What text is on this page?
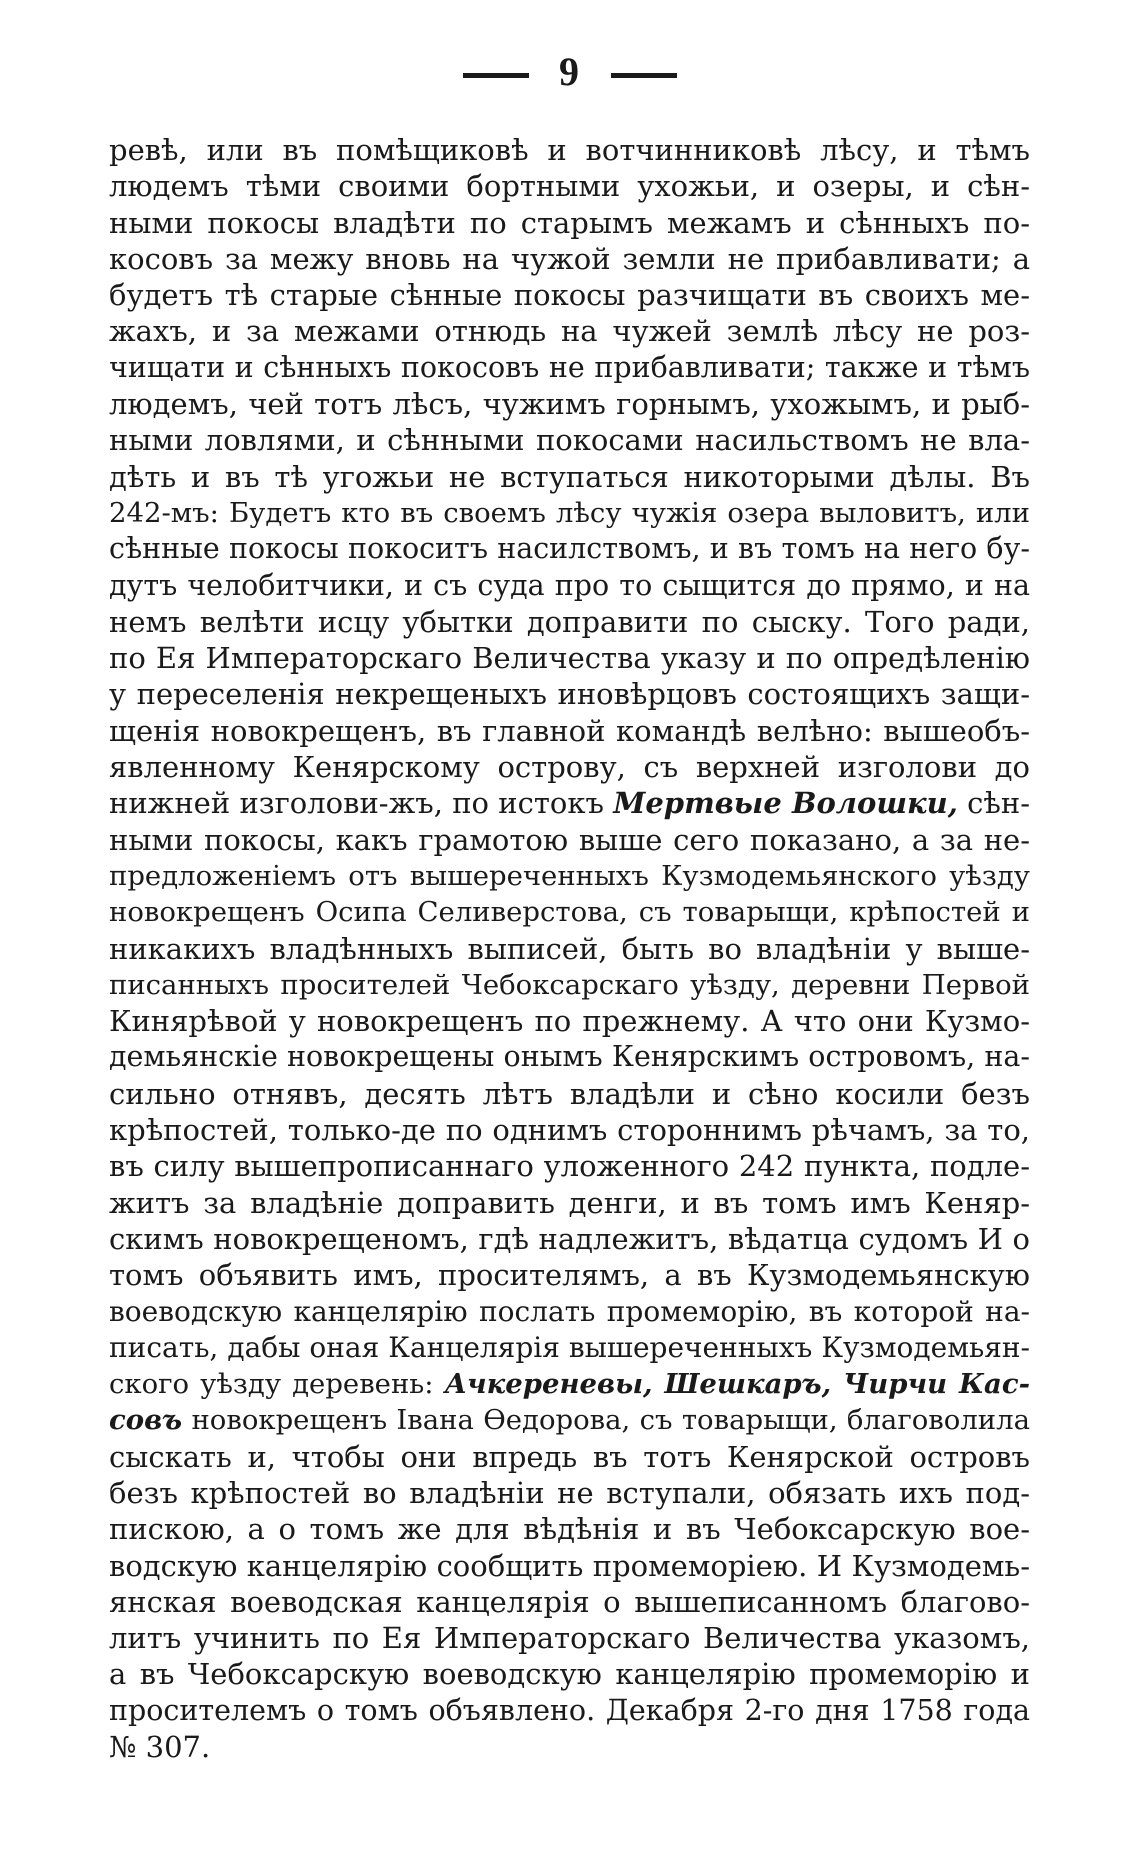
9
ревѣ, или въ помѣщиковѣ и вотчинниковѣ лѣсу, и тѣмъ
людемъ тѣми своими бортными ухожьи, и озеры, и сѣн-
ными покосы владѣти по старымъ межамъ и сѣнныхъ по-
косовъ за межу вновь на чужой земли не прибавливати; а
будетъ тѣ старые сѣнные покосы разчищати въ своихъ ме-
жахъ, и за межами отнюдь на чужей землѣ лѣсу не роз-
чищати и сѣнныхъ покосовъ не прибавливати; также и тѣмъ
людемъ, чей тотъ лѣсъ, чужимъ горнымъ, ухожымъ, и рыб-
ными ловлями, и сѣнными покосами насильствомъ не вла-
дѣть и въ тѣ угожьи не вступаться никоторыми дѣлы. Въ
242-мъ: Будетъ кто въ своемъ лѣсу чужія озера выловитъ, или
сѣнные покосы покоситъ насилствомъ, и въ томъ на него бу-
дутъ челобитчики, и съ суда про то сыщится до прямо, и на
немъ велѣти исцу убытки доправити по сыску. Того ради,
по Ея Императорскаго Величества указу и по опредѣленію
у переселенія некрещеныхъ иновѣрцовъ состоящихъ защи-
щенія новокрещенъ, въ главной командѣ велѣно: вышеобъ-
явленному Кенярскому острову, съ верхней изголови до
нижней изголови-жъ, по истокъ Мертвые Волошки, сѣн-
ными покосы, какъ грамотою выше сего показано, а за не-
предложеніемъ отъ вышереченныхъ Кузмодемьянского уѣзду
новокрещенъ Осипа Селиверстова, съ товарыщи, крѣпостей и
никакихъ владѣнныхъ выписей, быть во владѣніи у выше-
писанныхъ просителей Чебоксарскаго уѣзду, деревни Первой
Кинярѣвой у новокрещенъ по прежнему. А что они Кузмо-
демьянскіе новокрещены онымъ Кенярскимъ островомъ, на-
сильно отнявъ, десять лѣтъ владѣли и сѣно косили безъ
крѣпостей, только-де по однимъ стороннимъ рѣчамъ, за то,
въ силу вышепрописаннаго уложенного 242 пункта, подле-
житъ за владѣніе доправить денги, и въ томъ имъ Кеняр-
скимъ новокрещеномъ, гдѣ надлежитъ, вѣдатца судомъ И о
томъ объявить имъ, просителямъ, а въ Кузмодемьянскую
воеводскую канцелярію послать промеморію, въ которой на-
писать, дабы оная Канцелярія вышереченныхъ Кузмодемьян-
ского уѣзду деревень: Ачкереневы, Шешкаръ, Чирчи Кас-
совъ новокрещенъ Івана Ѳедорова, съ товарыщи, благоволила
сыскать и, чтобы они впредь въ тотъ Кенярской островъ
безъ крѣпостей во владѣніи не вступали, обязать ихъ под-
пискою, а о томъ же для вѣдѣнія и въ Чебоксарскую вое-
водскую канцелярію сообщить промеморіею. И Кузмодемь-
янская воеводская канцелярія о вышеписанномъ благово-
литъ учинить по Ея Императорскаго Величества указомъ,
а въ Чебоксарскую воеводскую канцелярію промеморію и
просителемъ о томъ объявлено. Декабря 2-го дня 1758 года
№ 307.
